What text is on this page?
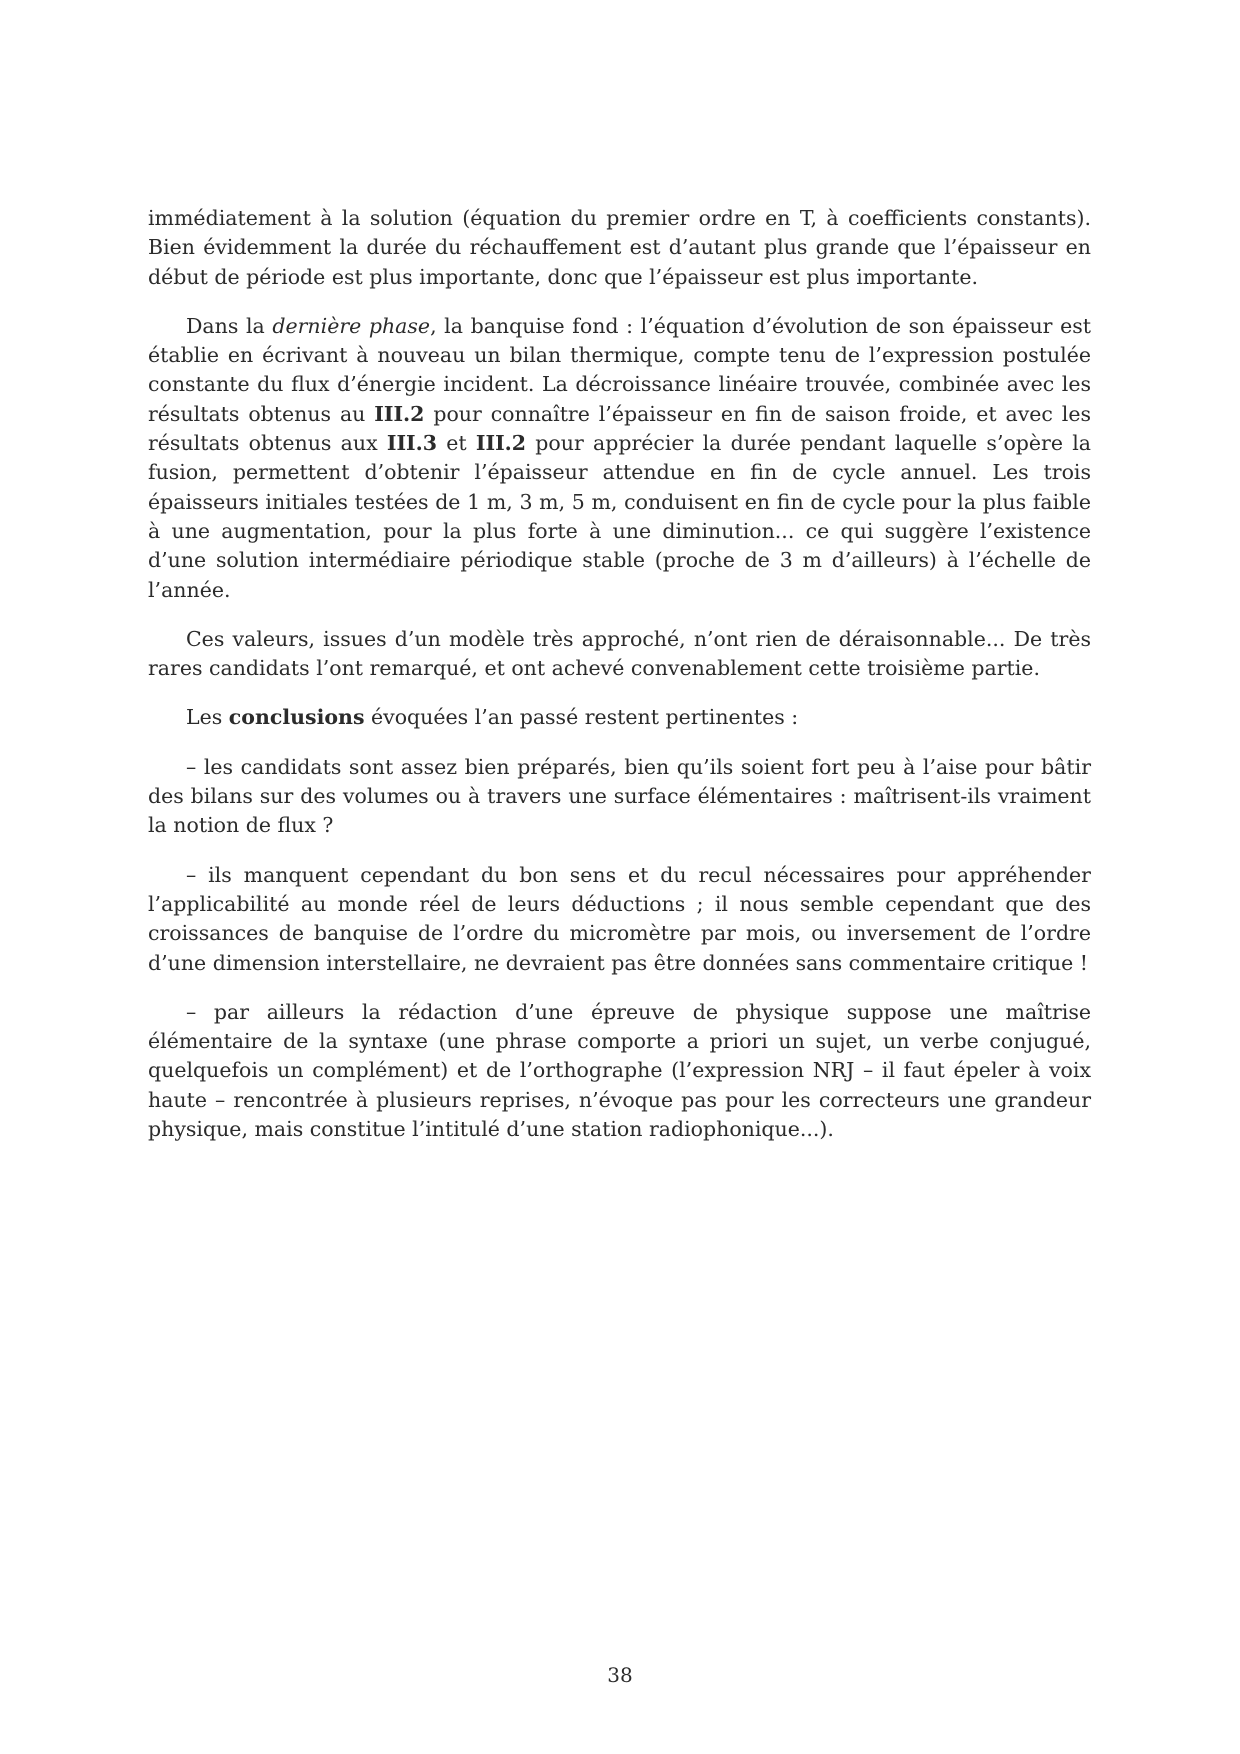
immédiatement à la solution (équation du premier ordre en T, à coefficients constants). Bien évidemment la durée du réchauffement est d’autant plus grande que l’épaisseur en début de période est plus importante, donc que l’épaisseur est plus importante.

Dans la dernière phase, la banquise fond : l’équation d’évolution de son épaisseur est établie en écrivant à nouveau un bilan thermique, compte tenu de l’expression postulée constante du flux d’énergie incident. La décroissance linéaire trouvée, combinée avec les résultats obtenus au III.2 pour connaître l’épaisseur en fin de saison froide, et avec les résultats obtenus aux III.3 et III.2 pour apprécier la durée pendant laquelle s’opère la fusion, permettent d’obtenir l’épaisseur attendue en fin de cycle annuel. Les trois épaisseurs initiales testées de 1 m, 3 m, 5 m, conduisent en fin de cycle pour la plus faible à une augmentation, pour la plus forte à une diminution... ce qui suggère l’existence d’une solution intermédiaire périodique stable (proche de 3 m d’ailleurs) à l’échelle de l’année.

Ces valeurs, issues d’un modèle très approché, n’ont rien de déraisonnable... De très rares candidats l’ont remarqué, et ont achevé convenablement cette troisième partie.

Les conclusions évoquées l’an passé restent pertinentes :

– les candidats sont assez bien préparés, bien qu’ils soient fort peu à l’aise pour bâtir des bilans sur des volumes ou à travers une surface élémentaires : maîtrisent-ils vraiment la notion de flux ?

– ils manquent cependant du bon sens et du recul nécessaires pour appréhender l’applicabilité au monde réel de leurs déductions ; il nous semble cependant que des croissances de banquise de l’ordre du micromètre par mois, ou inversement de l’ordre d’une dimension interstellaire, ne devraient pas être données sans commentaire critique !

– par ailleurs la rédaction d’une épreuve de physique suppose une maîtrise élémentaire de la syntaxe (une phrase comporte a priori un sujet, un verbe conjugué, quelquefois un complément) et de l’orthographe (l’expression NRJ – il faut épeler à voix haute – rencontrée à plusieurs reprises, n’évoque pas pour les correcteurs une grandeur physique, mais constitue l’intitulé d’une station radiophonique...).

38
